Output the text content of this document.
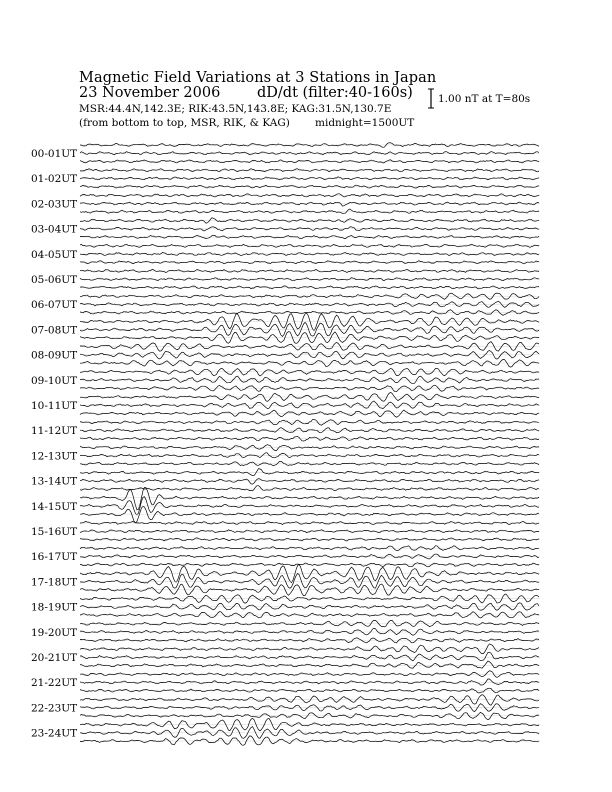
Magnetic Field Variations at 3 Stations in Japan
23 November 2006	dD/dt (filter:40-160s)
MSR:44.4N,142.3E; RIK:43.5N,143.8E; KAG:31.5N,130.7E
(from bottom to top, MSR, RIK, & KAG) midnight=1500UT
1.00 nT at T=80s
00-01UT
01-02UT
02-03UT
03-04UT
04-05UT
05-06UT
06-07UT
07-08UT
08-09UT
09-10UT
10-11UT
11-12UT
12-13UT
13-14UT
14-15UT
15-16UT
16-17UT
17-18UT
18-19UT
19-20UT
20-21UT
21-22UT
22-23UT
23-24UT
